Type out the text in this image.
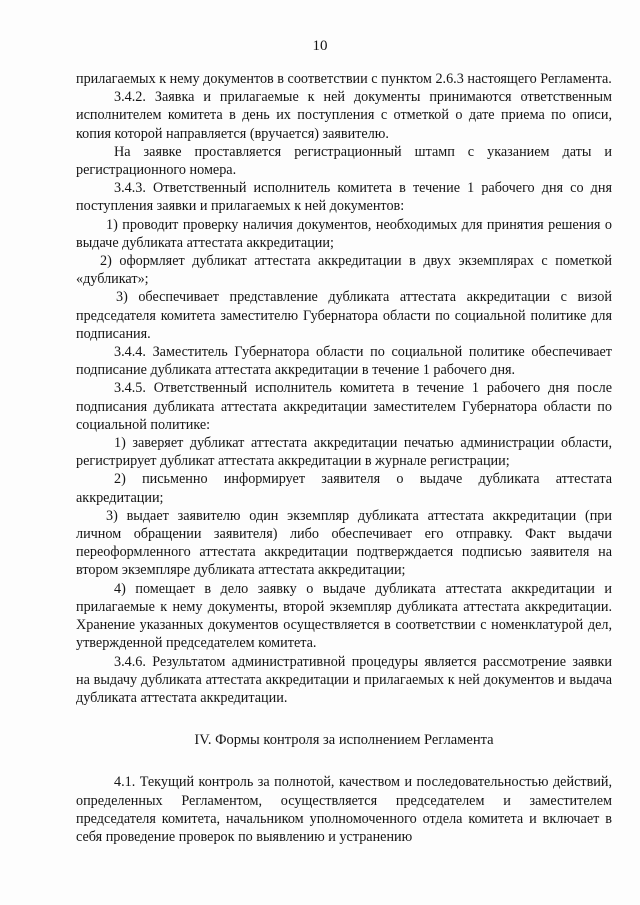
10

прилагаемых к нему документов в соответствии с пунктом 2.6.3 настоящего Регламента.

3.4.2. Заявка и прилагаемые к ней документы принимаются ответственным исполнителем комитета в день их поступления с отметкой о дате приема по описи, копия которой направляется (вручается) заявителю.

На заявке проставляется регистрационный штамп с указанием даты и регистрационного номера.

3.4.3. Ответственный исполнитель комитета в течение 1 рабочего дня со дня поступления заявки и прилагаемых к ней документов:

1) проводит проверку наличия документов, необходимых для принятия решения о выдаче дубликата аттестата аккредитации;

2) оформляет дубликат аттестата аккредитации в двух экземплярах с пометкой «дубликат»;

3) обеспечивает представление дубликата аттестата аккредитации с визой председателя комитета заместителю Губернатора области по социальной политике для подписания.

3.4.4. Заместитель Губернатора области по социальной политике обеспечивает подписание дубликата аттестата аккредитации в течение 1 рабочего дня.

3.4.5. Ответственный исполнитель комитета в течение 1 рабочего дня после подписания дубликата аттестата аккредитации заместителем Губернатора области по социальной политике:

1) заверяет дубликат аттестата аккредитации печатью администрации области, регистрирует дубликат аттестата аккредитации в журнале регистрации;

2) письменно информирует заявителя о выдаче дубликата аттестата аккредитации;

3) выдает заявителю один экземпляр дубликата аттестата аккредитации (при личном обращении заявителя) либо обеспечивает его отправку. Факт выдачи переоформленного аттестата аккредитации подтверждается подписью заявителя на втором экземпляре дубликата аттестата аккредитации;

4) помещает в дело заявку о выдаче дубликата аттестата аккредитации и прилагаемые к нему документы, второй экземпляр дубликата аттестата аккредитации. Хранение указанных документов осуществляется в соответствии с номенклатурой дел, утвержденной председателем комитета.

3.4.6. Результатом административной процедуры является рассмотрение заявки на выдачу дубликата аттестата аккредитации и прилагаемых к ней документов и выдача дубликата аттестата аккредитации.

IV. Формы контроля за исполнением Регламента

4.1. Текущий контроль за полнотой, качеством и последовательностью действий, определенных Регламентом, осуществляется председателем и заместителем председателя комитета, начальником уполномоченного отдела комитета и включает в себя проведение проверок по выявлению и устранению
